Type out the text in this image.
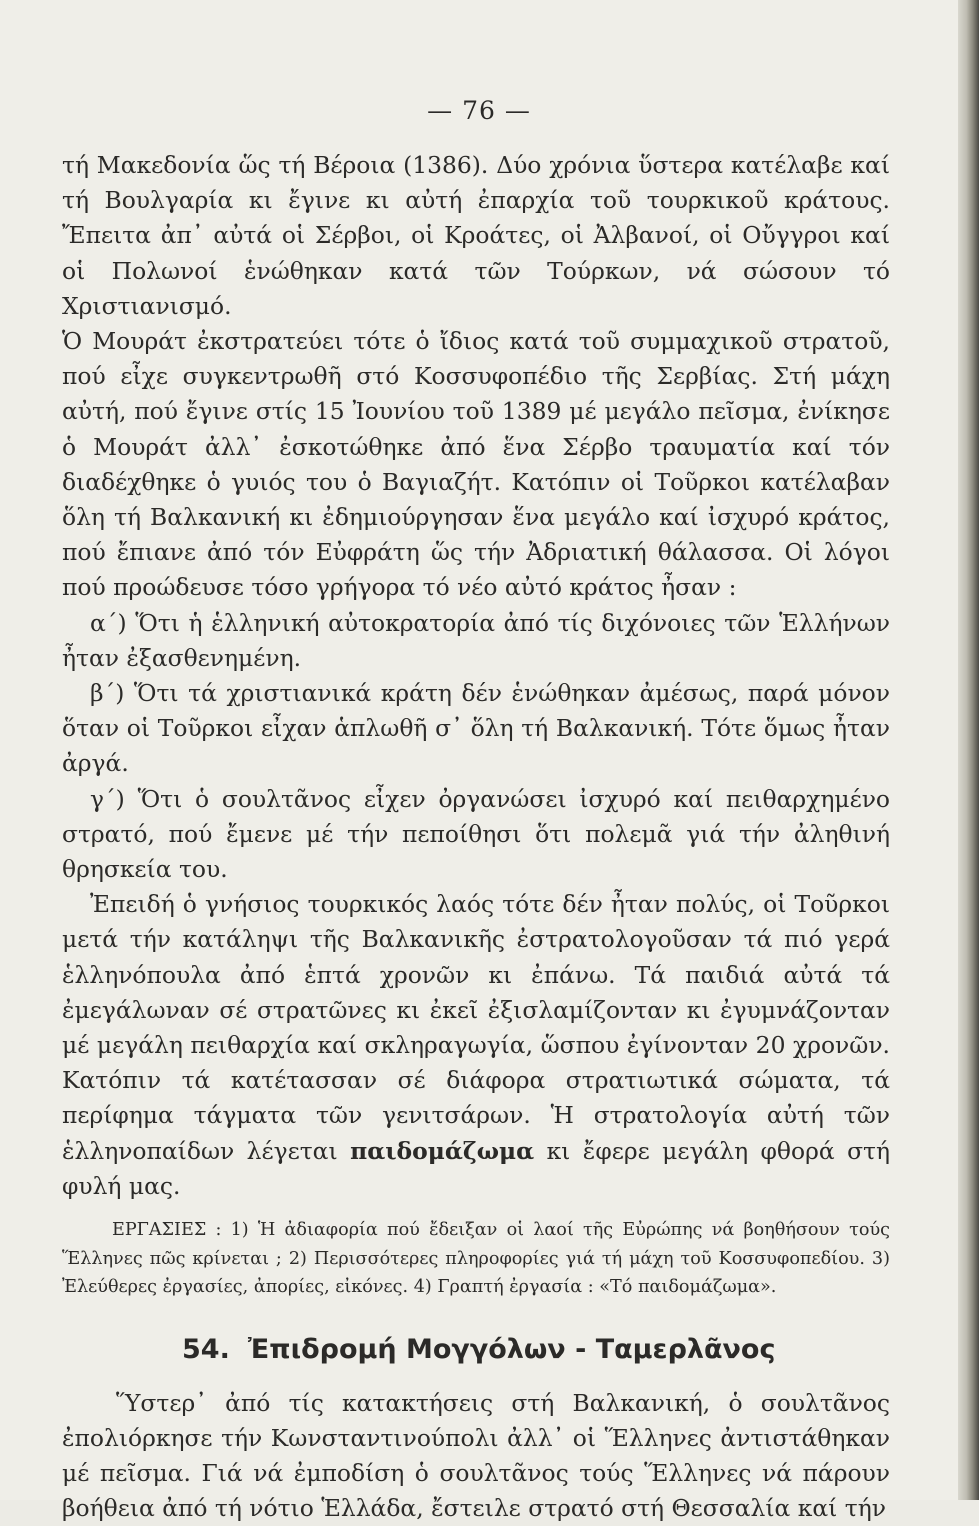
— 76 —

τή Μακεδονία ὥς τή Βέροια (1386). Δύο χρόνια ὕστερα κατέλαβε καί τή Βουλγαρία κι ἔγινε κι αὐτή ἐπαρχία τοῦ τουρκικοῦ κράτους. Ἔπειτα ἀπ᾿ αὐτά οἱ Σέρβοι, οἱ Κροάτες, οἱ Ἀλβανοί, οἱ Οὔγγροι καί οἱ Πολωνοί ἑνώθηκαν κατά τῶν Τούρκων, νά σώσουν τό Χριστιανισμό.

Ὁ Μουράτ ἐκστρατεύει τότε ὁ ἴδιος κατά τοῦ συμμαχικοῦ στρατοῦ, πού εἶχε συγκεντρωθῆ στό Κοσσυφοπέδιο τῆς Σερβίας. Στή μάχη αὐτή, πού ἔγινε στίς 15 Ἰουνίου τοῦ 1389 μέ μεγάλο πεῖσμα, ἐνίκησε ὁ Μουράτ ἀλλ᾿ ἐσκοτώθηκε ἀπό ἕνα Σέρβο τραυματία καί τόν διαδέχθηκε ὁ γυιός του ὁ Βαγιαζήτ. Κατόπιν οἱ Τοῦρκοι κατέλαβαν ὅλη τή Βαλκανική κι ἐδημιούργησαν ἕνα μεγάλο καί ἰσχυρό κράτος, πού ἔπιανε ἀπό τόν Εὐφράτη ὥς τήν Ἀδριατική θάλασσα. Οἱ λόγοι πού προώδευσε τόσο γρήγορα τό νέο αὐτό κράτος ἦσαν :

α΄) Ὅτι ἡ ἑλληνική αὐτοκρατορία ἀπό τίς διχόνοιες τῶν Ἑλλήνων ἦταν ἐξασθενημένη.

β΄) Ὅτι τά χριστιανικά κράτη δέν ἑνώθηκαν ἀμέσως, παρά μόνον ὅταν οἱ Τοῦρκοι εἶχαν ἁπλωθῆ σ᾿ ὅλη τή Βαλκανική. Τότε ὅμως ἦταν ἀργά.

γ΄) Ὅτι ὁ σουλτᾶνος εἶχεν ὀργανώσει ἰσχυρό καί πειθαρχημένο στρατό, πού ἔμενε μέ τήν πεποίθησι ὅτι πολεμᾶ γιά τήν ἀληθινή θρησκεία του.

Ἐπειδή ὁ γνήσιος τουρκικός λαός τότε δέν ἦταν πολύς, οἱ Τοῦρκοι μετά τήν κατάληψι τῆς Βαλκανικῆς ἐστρατολογοῦσαν τά πιό γερά ἑλληνόπουλα ἀπό ἑπτά χρονῶν κι ἐπάνω. Τά παιδιά αὐτά τά ἐμεγάλωναν σέ στρατῶνες κι ἐκεῖ ἐξισλαμίζονταν κι ἐγυμνάζονταν μέ μεγάλη πειθαρχία καί σκληραγωγία, ὥσπου ἐγίνονταν 20 χρονῶν. Κατόπιν τά κατέτασσαν σέ διάφορα στρατιωτικά σώματα, τά περίφημα τάγματα τῶν γενιτσάρων. Ἡ στρατολογία αὐτή τῶν ἑλληνοπαίδων λέγεται παιδομάζωμα κι ἔφερε μεγάλη φθορά στή φυλή μας.

ΕΡΓΑΣΙΕΣ : 1) Ἡ ἀδιαφορία πού ἔδειξαν οἱ λαοί τῆς Εὐρώπης νά βοηθήσουν τούς Ἕλληνες πῶς κρίνεται ; 2) Περισσότερες πληροφορίες γιά τή μάχη τοῦ Κοσσυφοπεδίου. 3) Ἐλεύθερες ἐργασίες, ἀπορίες, εἰκόνες. 4) Γραπτή ἐργασία : «Τό παιδομάζωμα».

54. Ἐπιδρομή Μογγόλων - Ταμερλᾶνος

Ὕστερ᾿ ἀπό τίς κατακτήσεις στή Βαλκανική, ὁ σουλτᾶνος ἐπολιόρκησε τήν Κωνσταντινούπολι ἀλλ᾿ οἱ Ἕλληνες ἀντιστάθηκαν μέ πεῖσμα. Γιά νά ἐμποδίση ὁ σουλτᾶνος τούς Ἕλληνες νά πάρουν βοήθεια ἀπό τή νότιο Ἑλλάδα, ἔστειλε στρατό στή Θεσσαλία καί τήν
